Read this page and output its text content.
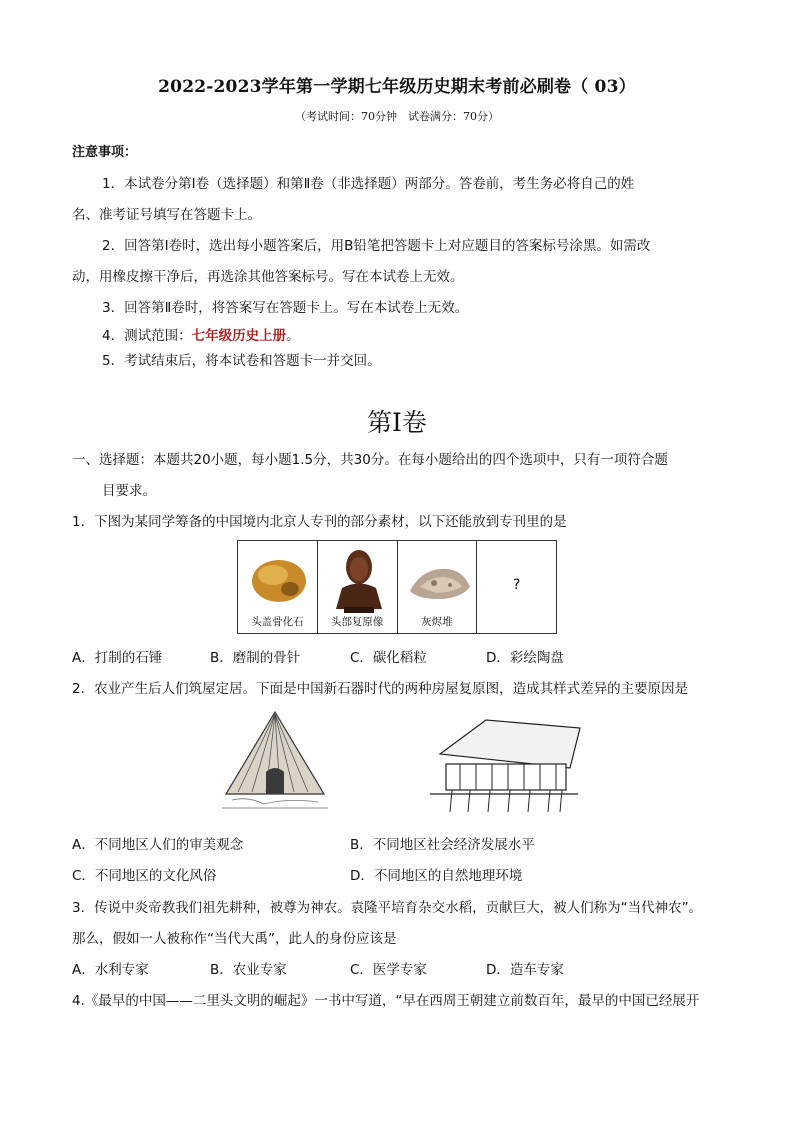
2022-2023学年第一学期七年级历史期末考前必刷卷（ 03）
（考试时间：70分钟　试卷满分：70分）
注意事项：
1．本试卷分第Ⅰ卷（选择题）和第Ⅱ卷（非选择题）两部分。答卷前，考生务必将自己的姓
名、准考证号填写在答题卡上。
2．回答第Ⅰ卷时，选出每小题答案后，用B铅笔把答题卡上对应题目的答案标号涂黑。如需改
动，用橡皮擦干净后，再选涂其他答案标号。写在本试卷上无效。
3．回答第Ⅱ卷时，将答案写在答题卡上。写在本试卷上无效。
4．测试范围：七年级历史上册。
5．考试结束后，将本试卷和答题卡一并交回。
第Ⅰ卷
一、选择题：本题共20小题，每小题1.5分，共30分。在每小题给出的四个选项中，只有一项符合题
目要求。
1．下图为某同学筹备的中国境内北京人专刊的部分素材，以下还能放到专刊里的是
头盖骨化石	头部复原像	灰烬堆
?
A．打制的石锤	B．磨制的骨针	C．碳化稻粒	D．彩绘陶盘
2．农业产生后人们筑屋定居。下面是中国新石器时代的两种房屋复原图，造成其样式差异的主要原因是
A．不同地区人们的审美观念	B．不同地区社会经济发展水平
C．不同地区的文化风俗	D．不同地区的自然地理环境
3．传说中炎帝教我们祖先耕种，被尊为神农。袁隆平培育杂交水稻，贡献巨大，被人们称为“当代神农”。
那么，假如一人被称作“当代大禹”，此人的身份应该是
A．水利专家	B．农业专家	C．医学专家	D．造车专家
4.《最早的中国——二里头文明的崛起》一书中写道，“早在西周王朝建立前数百年，最早的中国已经展开
